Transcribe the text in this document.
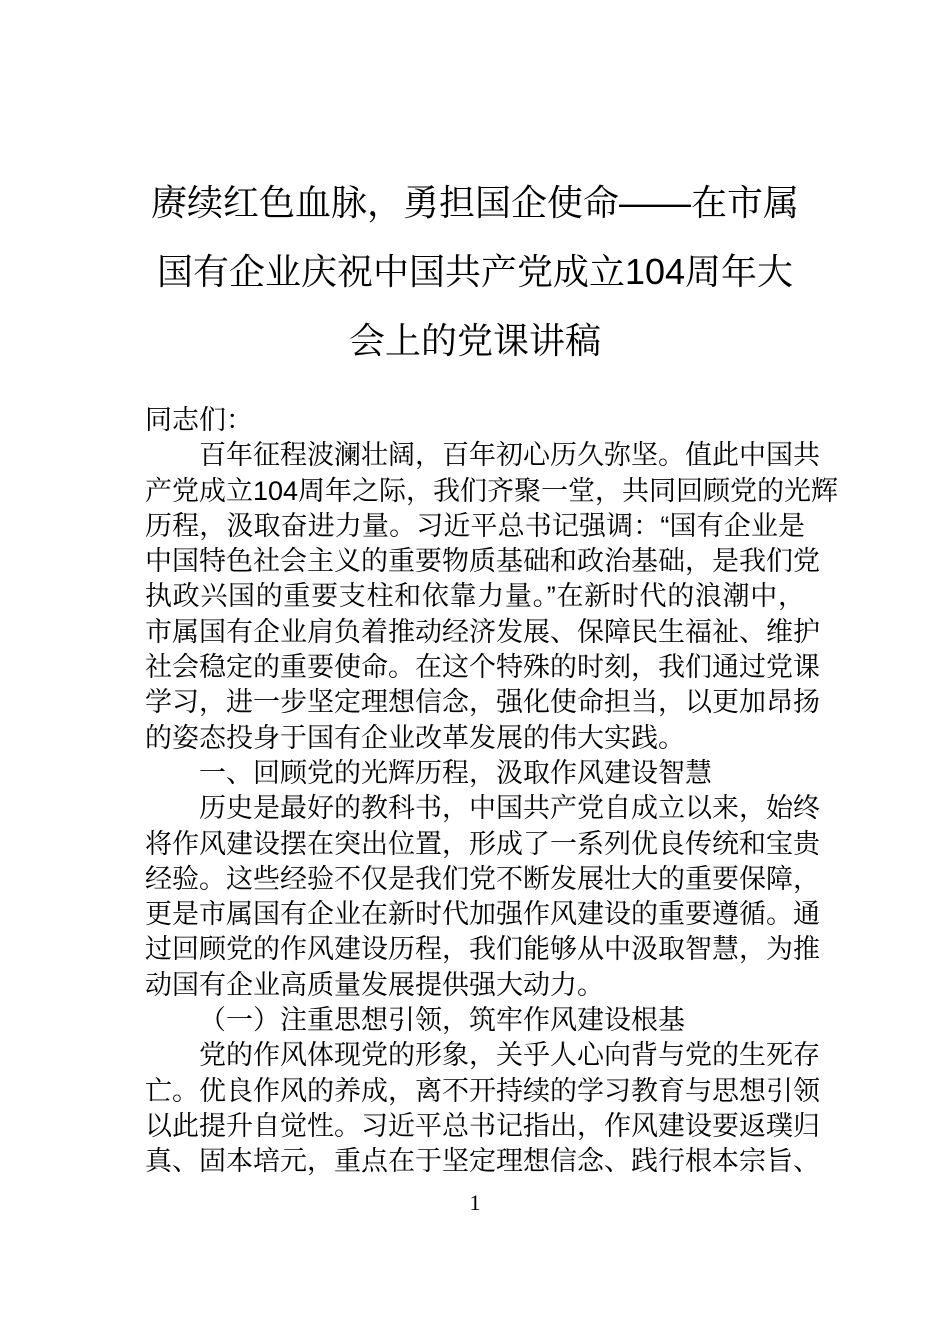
赓续红色血脉，勇担国企使命——在市属
国有企业庆祝中国共产党成立104周年大
会上的党课讲稿
同志们：
百年征程波澜壮阔，百年初心历久弥坚。值此中国共
产党成立104周年之际，我们齐聚一堂，共同回顾党的光辉
历程，汲取奋进力量。习近平总书记强调：“国有企业是
中国特色社会主义的重要物质基础和政治基础，是我们党
执政兴国的重要支柱和依靠力量。”在新时代的浪潮中，
市属国有企业肩负着推动经济发展、保障民生福祉、维护
社会稳定的重要使命。在这个特殊的时刻，我们通过党课
学习，进一步坚定理想信念，强化使命担当，以更加昂扬
的姿态投身于国有企业改革发展的伟大实践。
一、回顾党的光辉历程，汲取作风建设智慧
历史是最好的教科书，中国共产党自成立以来，始终
将作风建设摆在突出位置，形成了一系列优良传统和宝贵
经验。这些经验不仅是我们党不断发展壮大的重要保障，
更是市属国有企业在新时代加强作风建设的重要遵循。通
过回顾党的作风建设历程，我们能够从中汲取智慧，为推
动国有企业高质量发展提供强大动力。
（一）注重思想引领，筑牢作风建设根基
党的作风体现党的形象，关乎人心向背与党的生死存
亡。优良作风的养成，离不开持续的学习教育与思想引领
以此提升自觉性。习近平总书记指出，作风建设要返璞归
真、固本培元，重点在于坚定理想信念、践行根本宗旨、
1
